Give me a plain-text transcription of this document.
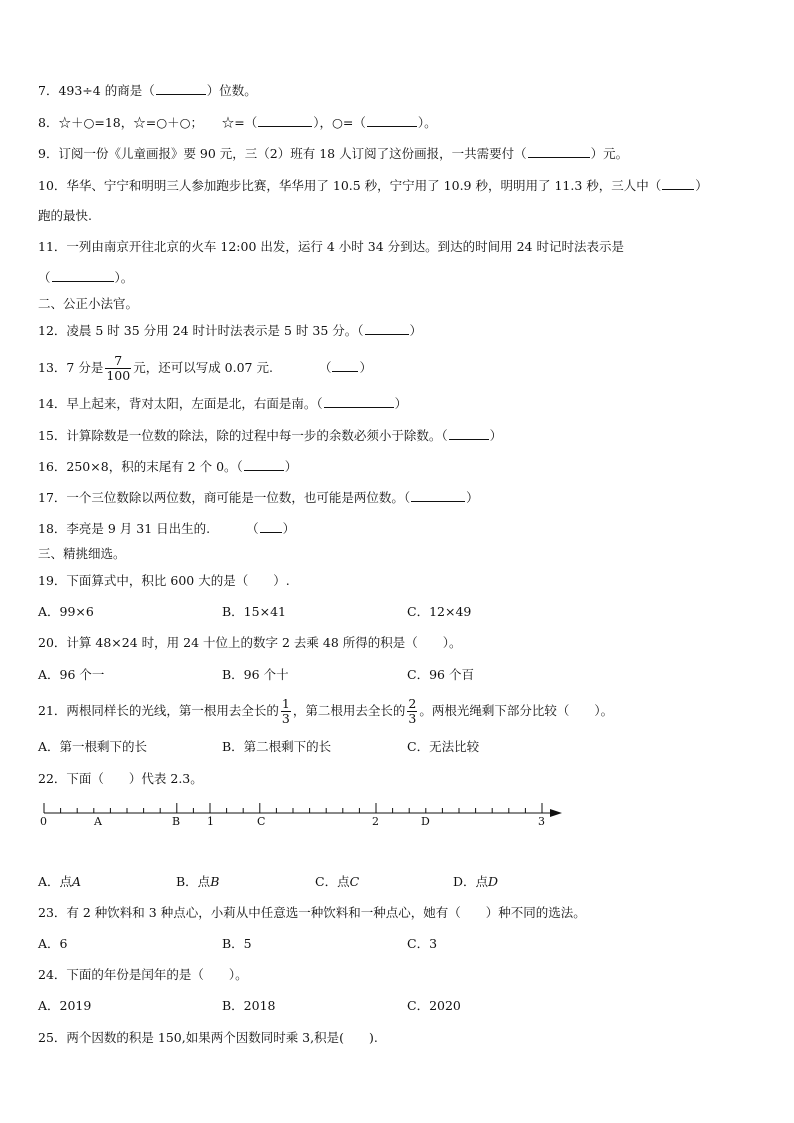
7．493÷4 的商是（	）位数。
8．☆＋○=18，☆=○＋○；　　☆=（	），○=（	）。
9．订阅一份《儿童画报》要 90 元，三（2）班有 18 人订阅了这份画报，一共需要付（	）元。
10．华华、宁宁和明明三人参加跑步比赛，华华用了 10.5 秒，宁宁用了 10.9 秒，明明用了 11.3 秒，三人中（	）
跑的最快.
11．一列由南京开往北京的火车 12:00 出发，运行 4 小时 34 分到达。到达的时间用 24 时记时法表示是
（	）。
二、公正小法官。
12．凌晨 5 时 35 分用 24 时计时法表示是 5 时 35 分。（	）
13．7 分是 $\frac{7}{100}$ 元，还可以写成 0.07 元.	（ ）
14．早上起来，背对太阳，左面是北，右面是南。（	）
15．计算除数是一位数的除法，除的过程中每一步的余数必须小于除数。（	）
16．250×8，积的末尾有 2 个 0。（	）
17．一个三位数除以两位数，商可能是一位数，也可能是两位数。（	）
18．李亮是 9 月 31 日出生的.	（ ）
三、精挑细选。
19．下面算式中，积比 600 大的是（　　）.
A．99×6	B．15×41	C．12×49
20．计算 48×24 时，用 24 十位上的数字 2 去乘 48 所得的积是（　　）。
A．96 个一	B．96 个十	C．96 个百
21．两根同样长的光线，第一根用去全长的 $\frac{1}{3}$ ，第二根用去全长的 $\frac{2}{3}$ 。两根光绳剩下部分比较（　　）。
A．第一根剩下的长	B．第二根剩下的长	C．无法比较
22．下面（　　）代表 2.3。
0	A	B 1	C	2	D	3
A．点A	B．点B	C．点C	D．点D
23．有 2 种饮料和 3 种点心，小莉从中任意选一种饮料和一种点心，她有（　　）种不同的选法。
A．6	B．5	C．3
24．下面的年份是闰年的是（　　）。
A．2019	B．2018	C．2020
25．两个因数的积是 150,如果两个因数同时乘 3,积是(　　).
